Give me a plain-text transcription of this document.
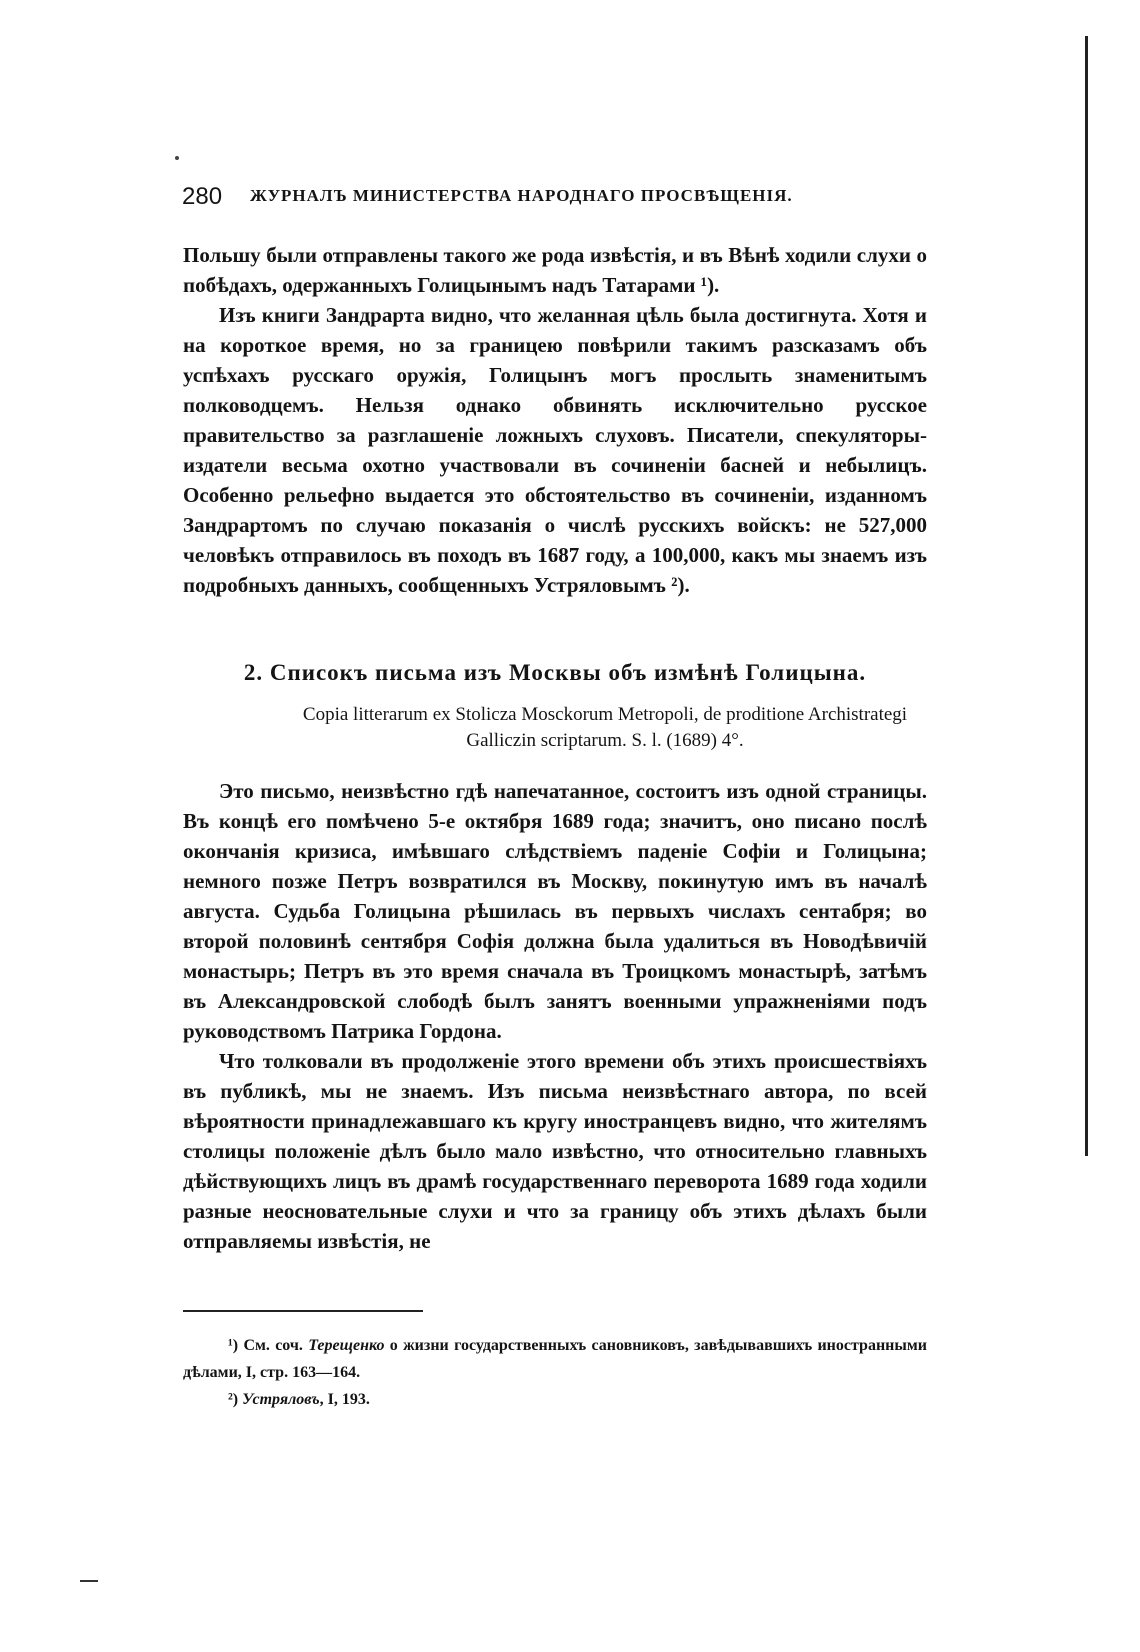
280 ЖУРНАЛЪ МИНИСТЕРСТВА НАРОДНАГО ПРОСВѢЩЕНІЯ.

Польшу были отправлены такого же рода извѣстія, и въ Вѣнѣ ходили слухи о побѣдахъ, одержанныхъ Голицынымъ надъ Татарами ¹).

Изъ книги Зандрарта видно, что желанная цѣль была достигнута. Хотя и на короткое время, но за границею повѣрили такимъ разсказамъ объ успѣхахъ русскаго оружія, Голицынъ могъ прослыть знаменитымъ полководцемъ. Нельзя однако обвинять исключительно русское правительство за разглашеніе ложныхъ слуховъ. Писатели, спекуляторы-издатели весьма охотно участвовали въ сочиненіи басней и небылицъ. Особенно рельефно выдается это обстоятельство въ сочиненіи, изданномъ Зандрартомъ по случаю показанія о числѣ русскихъ войскъ: не 527,000 человѣкъ отправилось въ походъ въ 1687 году, а 100,000, какъ мы знаемъ изъ подробныхъ данныхъ, сообщенныхъ Устряловымъ ²).

2. Списокъ письма изъ Москвы объ измѣнѣ Голицына.
Copia litterarum ex Stolicza Mosckorum Metropoli, de proditione Archistrategi
Galliczin scriptarum. S. l. (1689) 4°.

Это письмо, неизвѣстно гдѣ напечатанное, состоитъ изъ одной страницы. Въ концѣ его помѣчено 5-е октября 1689 года; значитъ, оно писано послѣ окончанія кризиса, имѣвшаго слѣдствіемъ паденіе Софіи и Голицына; немного позже Петръ возвратился въ Москву, покинутую имъ въ началѣ августа. Судьба Голицына рѣшилась въ первыхъ числахъ сентабря; во второй половинѣ сентября Софія должна была удалиться въ Новодѣвичій монастырь; Петръ въ это время сначала въ Троицкомъ монастырѣ, затѣмъ въ Александровской слободѣ былъ занятъ военными упражненіями подъ руководствомъ Патрика Гордона.

Что толковали въ продолженіе этого времени объ этихъ происшествіяхъ въ публикѣ, мы не знаемъ. Изъ письма неизвѣстнаго автора, по всей вѣроятности принадлежавшаго къ кругу иностранцевъ видно, что жителямъ столицы положеніе дѣлъ было мало извѣстно, что относительно главныхъ дѣйствующихъ лицъ въ драмѣ государственнаго переворота 1689 года ходили разные неосновательные слухи и что за границу объ этихъ дѣлахъ были отправляемы извѣстія, не

¹) См. соч. Терещенко о жизни государственныхъ сановниковъ, завѣдывавшихъ иностранными дѣлами, I, стр. 163—164.

²) Устряловъ, I, 193.
